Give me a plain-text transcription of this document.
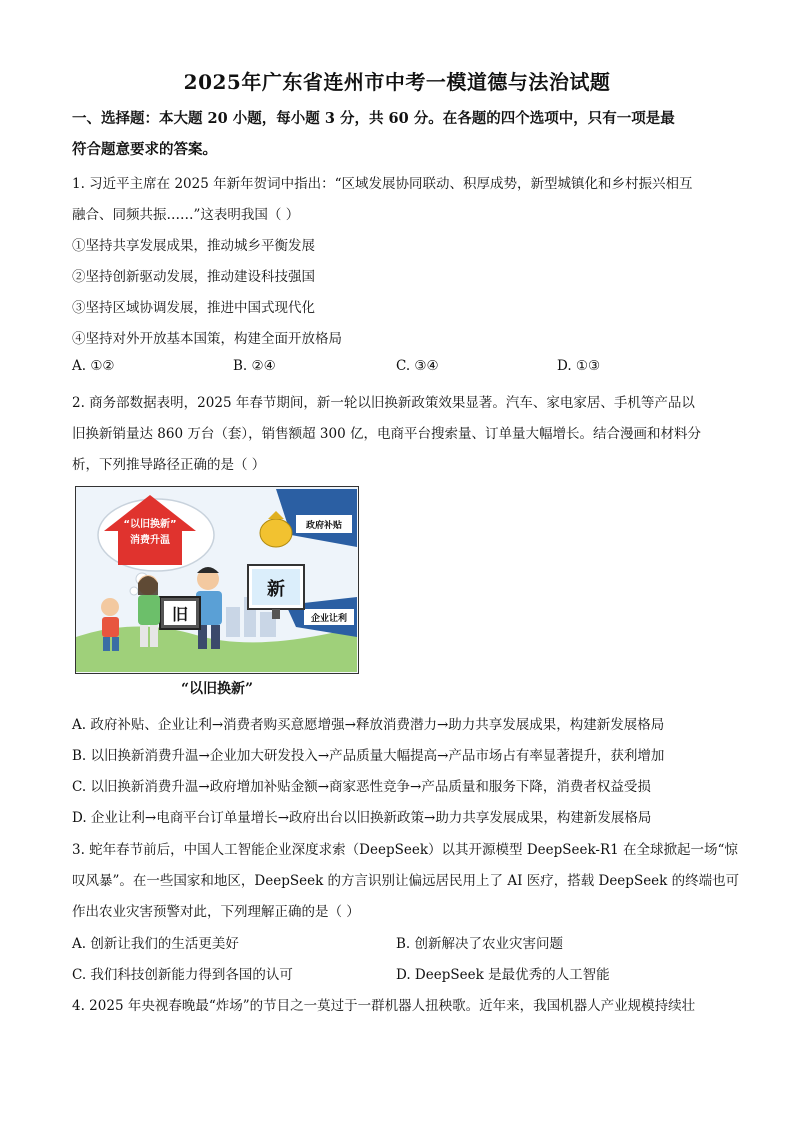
2025年广东省连州市中考一模道德与法治试题
一、选择题：本大题 20 小题，每小题 3 分，共 60 分。在各题的四个选项中，只有一项是最
符合题意要求的答案。
1. 习近平主席在 2025 年新年贺词中指出：“区域发展协同联动、积厚成势，新型城镇化和乡村振兴相互
融合、同频共振……”这表明我国（ ）
①坚持共享发展成果，推动城乡平衡发展
②坚持创新驱动发展，推动建设科技强国
③坚持区域协调发展，推进中国式现代化
④坚持对外开放基本国策，构建全面开放格局
A. ①②	B. ②④	C. ③④	D. ①③
2. 商务部数据表明，2025 年春节期间，新一轮以旧换新政策效果显著。汽车、家电家居、手机等产品以
旧换新销量达 860 万台（套），销售额超 300 亿，电商平台搜索量、订单量大幅增长。结合漫画和材料分
析，下列推导路径正确的是（ ）
“以旧换新”
消费升温
政府补贴
企业让利
新
旧
“以旧换新”
A. 政府补贴、企业让利→消费者购买意愿增强→释放消费潜力→助力共享发展成果，构建新发展格局
B. 以旧换新消费升温→企业加大研发投入→产品质量大幅提高→产品市场占有率显著提升，获利增加
C. 以旧换新消费升温→政府增加补贴金额→商家恶性竞争→产品质量和服务下降，消费者权益受损
D. 企业让利→电商平台订单量增长→政府出台以旧换新政策→助力共享发展成果，构建新发展格局
3. 蛇年春节前后，中国人工智能企业深度求索（DeepSeek）以其开源模型 DeepSeek-R1 在全球掀起一场“惊
叹风暴”。在一些国家和地区，DeepSeek 的方言识别让偏远居民用上了 AI 医疗，搭载 DeepSeek 的终端也可
作出农业灾害预警对此，下列理解正确的是（ ）
A. 创新让我们的生活更美好	B. 创新解决了农业灾害问题
C. 我们科技创新能力得到各国的认可	D. DeepSeek 是最优秀的人工智能
4. 2025 年央视春晚最“炸场”的节目之一莫过于一群机器人扭秧歌。近年来，我国机器人产业规模持续壮
